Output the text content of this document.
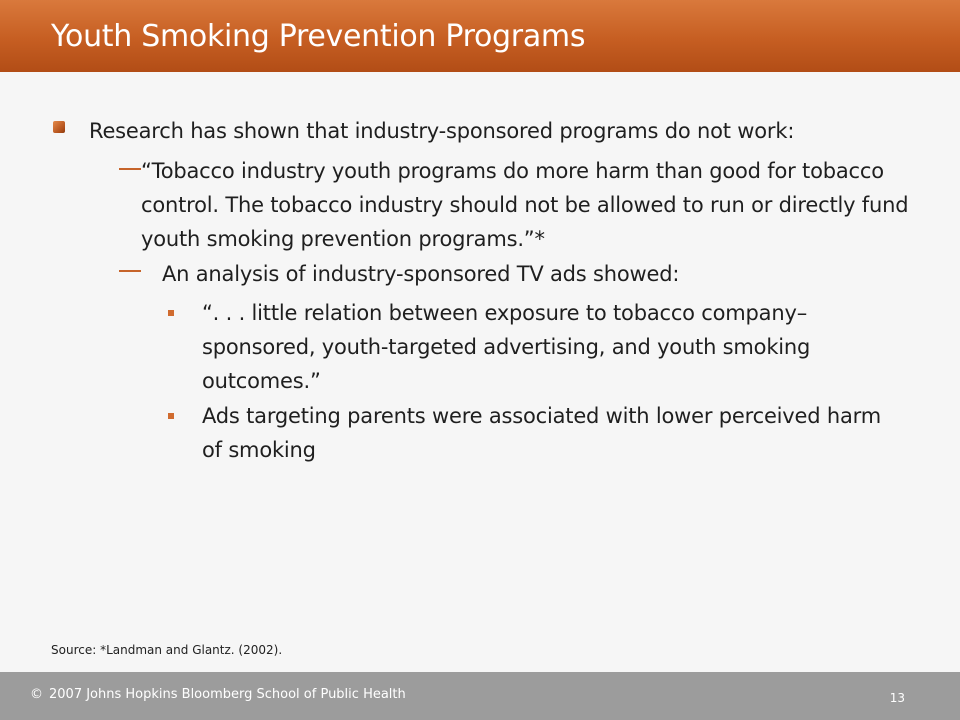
Youth Smoking Prevention Programs
Research has shown that industry-sponsored programs do not work:
“Tobacco industry youth programs do more harm than good for tobacco control. The tobacco industry should not be allowed to run or directly fund youth smoking prevention programs.”*
An analysis of industry-sponsored TV ads showed:
“. . . little relation between exposure to tobacco company–sponsored, youth-targeted advertising, and youth smoking outcomes.”
Ads targeting parents were associated with lower perceived harm of smoking
Source: *Landman and Glantz. (2002).
© 2007 Johns Hopkins Bloomberg School of Public Health	13
